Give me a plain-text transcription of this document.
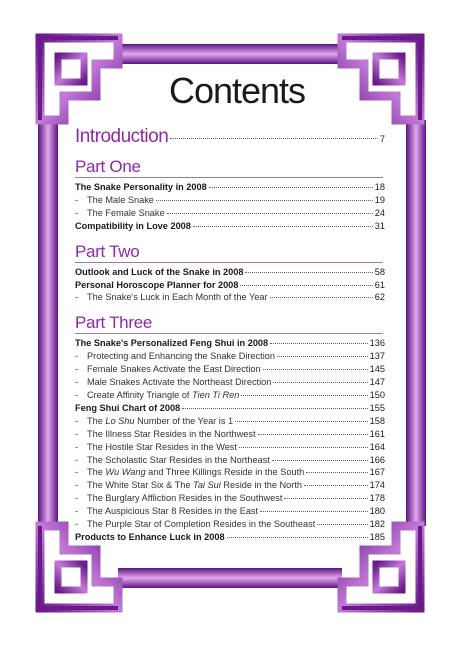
Contents
Introduction	7
Part One
The Snake Personality in 2008	18
- The Male Snake	19
- The Female Snake	24
Compatibility in Love 2008	31
Part Two
Outlook and Luck of the Snake in 2008	58
Personal Horoscope Planner for 2008	61
- The Snake's Luck in Each Month of the Year	62
Part Three
The Snake's Personalized Feng Shui in 2008	136
- Protecting and Enhancing the Snake Direction	137
- Female Snakes Activate the East Direction	145
- Male Snakes Activate the Northeast Direction	147
- Create Affinity Triangle of Tien Ti Ren	150
Feng Shui Chart of 2008	155
- The Lo Shu Number of the Year is 1	158
- The Illness Star Resides in the Northwest	161
- The Hostile Star Resides in the West	164
- The Scholastic Star Resides in the Northeast	166
- The Wu Wang and Three Killings Reside in the South	167
- The White Star Six & The Tai Sui Reside in the North	174
- The Burglary Affliction Resides in the Southwest	178
- The Auspicious Star 8 Resides in the East	180
- The Purple Star of Completion Resides in the Southeast	182
Products to Enhance Luck in 2008	185
